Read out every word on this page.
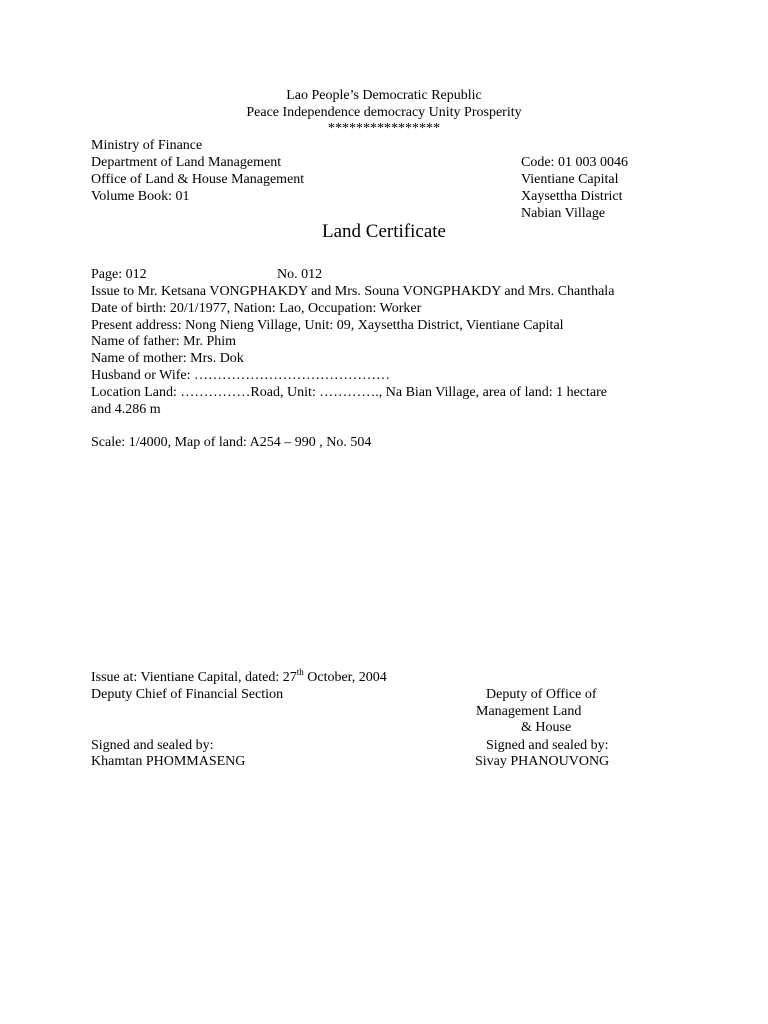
Lao People’s Democratic Republic
Peace Independence democracy Unity Prosperity
****************
Ministry of Finance
Department of Land Management
Office of Land & House Management
Volume Book: 01
Code: 01 003 0046
Vientiane Capital
Xaysettha District
Nabian Village
Land Certificate
Page: 012	No. 012
Issue to Mr. Ketsana VONGPHAKDY and Mrs. Souna VONGPHAKDY and Mrs. Chanthala
Date of birth: 20/1/1977, Nation: Lao, Occupation: Worker
Present address: Nong Nieng Village, Unit: 09, Xaysettha District, Vientiane Capital
Name of father: Mr. Phim
Name of mother: Mrs. Dok
Husband or Wife: ……………………………………
Location Land: ……………Road, Unit: …………., Na Bian Village, area of land: 1 hectare
and 4.286 m
Scale: 1/4000, Map of land: A254 – 990 , No. 504
Issue at: Vientiane Capital, dated: 27th October, 2004
Deputy Chief of Financial Section	Deputy of Office of
Management Land
& House
Signed and sealed by:	Signed and sealed by:
Khamtan PHOMMASENG	Sivay PHANOUVONG
